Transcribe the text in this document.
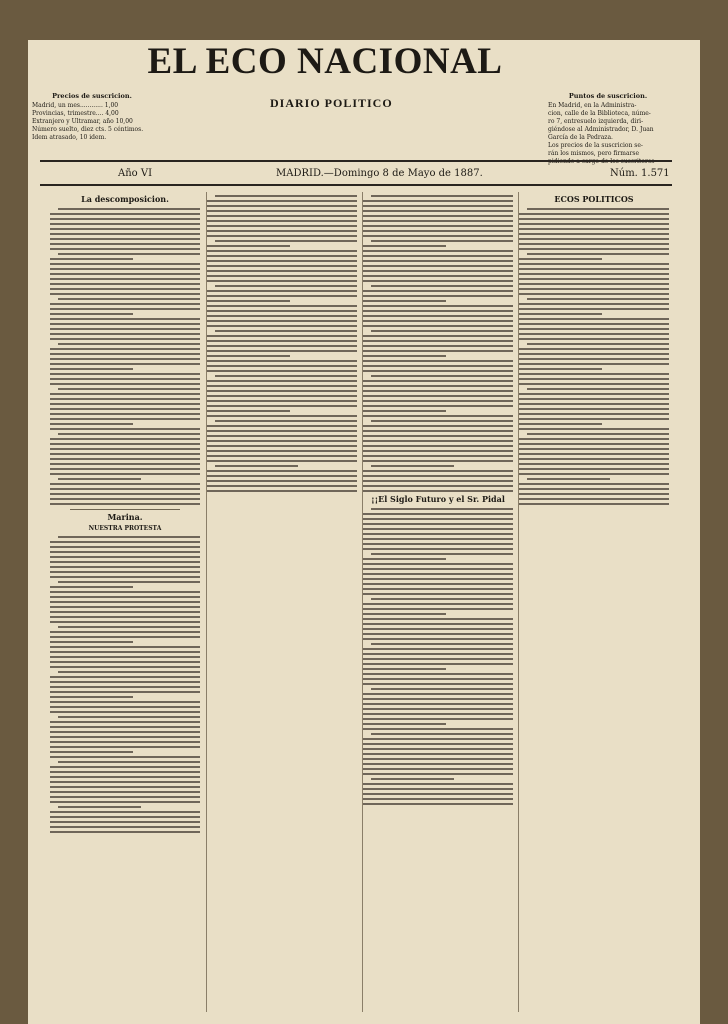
EL ECO NACIONAL
DIARIO POLITICO
Precios de suscricion.
Madrid, un mes............ 1,00
Provincias, trimestre.... 4,00
Extranjero y Ultramar, año 10,00
Número suelto, diez cts. 5 céntimos.
Idem atrasado, 10 idem.
Puntos de suscricion.
En Madrid, en la Administra-
cion, calle de la Biblioteca, núme-
ro 7, entresuelo izquierda, diri-
giéndose al Administrador, D. Juan
García de la Pedraza.
Los precios de la suscricion se-
rán los mismos, pero firmarse
pidiendo a cargo de los suscritores
Año VI	MADRID.—Domingo 8 de Mayo de 1887.	Núm. 1.571
La descomposicion.
Marina.
NUESTRA PROTESTA
¡¡El Siglo Futuro y el Sr. Pidal
ECOS POLITICOS
